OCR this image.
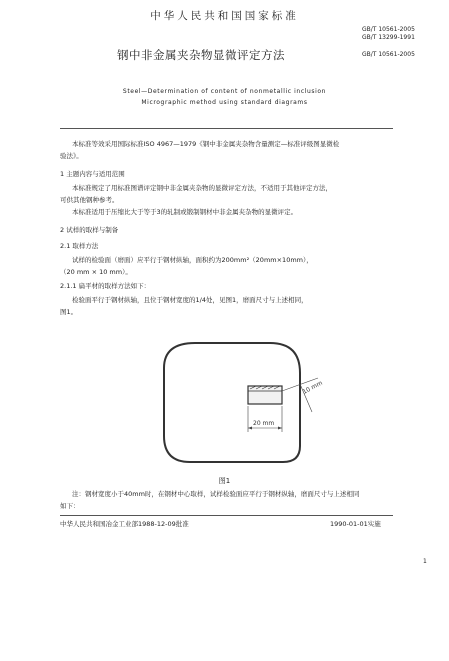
中华人民共和国国家标准
GB/T 10561-2005
GB/T 13299-1991
钢中非金属夹杂物显微评定方法	GB/T 10561-2005
Steel—Determination of content of nonmetallic inclusion
Micrographic method using standard diagrams
本标准等效采用国际标准ISO 4967—1979《钢中非金属夹杂物含量测定—标准评级图显微检
验法》。
1 主题内容与适用范围
本标准规定了用标准图谱评定钢中非金属夹杂物的显微评定方法，不适用于其他评定方法，
可供其他钢种参考。
本标准适用于压缩比大于等于3的轧制或锻制钢材中非金属夹杂物的显微评定。
2 试样的取样与制备
2.1 取样方法
试样的检验面（磨面）应平行于钢材纵轴，面积约为200mm²（20mm×10mm），
（20 mm × 10 mm）。
2.1.1 扁平材的取样方法如下：
检验面平行于钢材纵轴，且位于钢材宽度的1/4处，见图1，磨面尺寸与上述相同，
图1。
20 mm
10 mm
图1
注：钢材宽度小于40mm时，在钢材中心取样，试样检验面应平行于钢材纵轴，磨面尺寸与上述相同
如下：
中华人民共和国冶金工业部1988-12-09批准	1990-01-01实施
1
